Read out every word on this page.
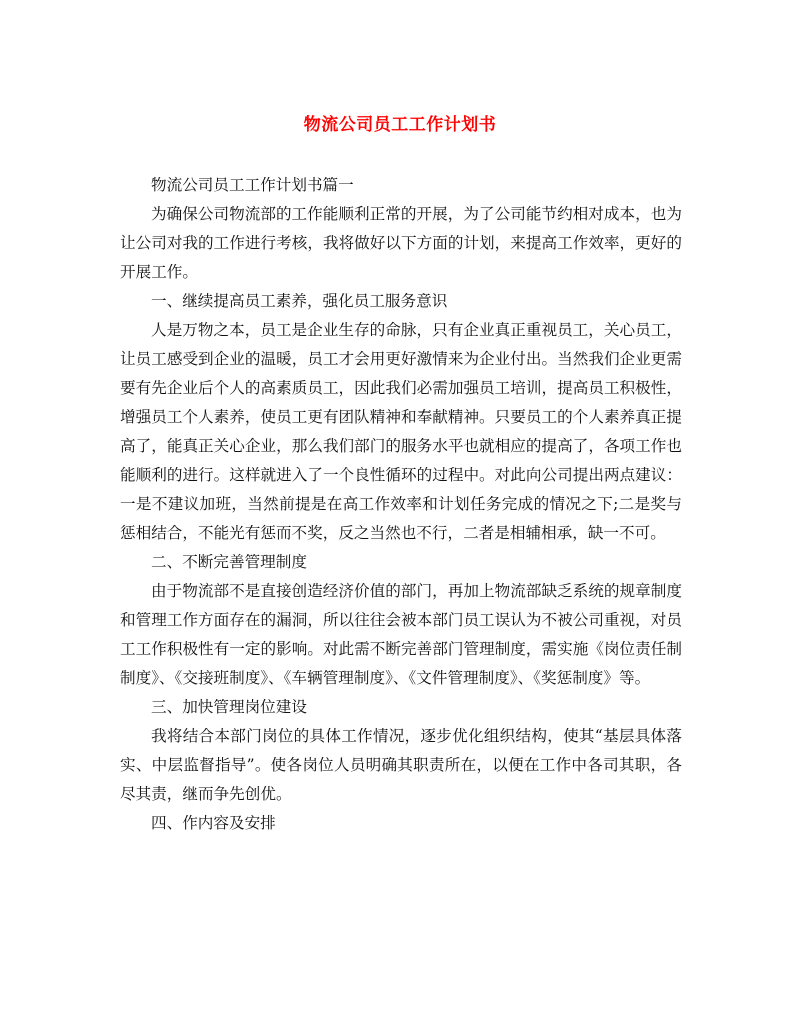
物流公司员工工作计划书

物流公司员工工作计划书篇一

为确保公司物流部的工作能顺利正常的开展，为了公司能节约相对成本，也为让公司对我的工作进行考核，我将做好以下方面的计划，来提高工作效率，更好的开展工作。

一、继续提高员工素养，强化员工服务意识

人是万物之本，员工是企业生存的命脉，只有企业真正重视员工，关心员工，让员工感受到企业的温暖，员工才会用更好激情来为企业付出。当然我们企业更需要有先企业后个人的高素质员工，因此我们必需加强员工培训，提高员工积极性，增强员工个人素养，使员工更有团队精神和奉献精神。只要员工的个人素养真正提高了，能真正关心企业，那么我们部门的服务水平也就相应的提高了，各项工作也能顺利的进行。这样就进入了一个良性循环的过程中。对此向公司提出两点建议：一是不建议加班，当然前提是在高工作效率和计划任务完成的情况之下;二是奖与惩相结合，不能光有惩而不奖，反之当然也不行，二者是相辅相承，缺一不可。

二、不断完善管理制度

由于物流部不是直接创造经济价值的部门，再加上物流部缺乏系统的规章制度和管理工作方面存在的漏洞，所以往往会被本部门员工误认为不被公司重视，对员工工作积极性有一定的影响。对此需不断完善部门管理制度，需实施《岗位责任制制度》、《交接班制度》、《车辆管理制度》、《文件管理制度》、《奖惩制度》等。

三、加快管理岗位建设

我将结合本部门岗位的具体工作情况，逐步优化组织结构，使其“基层具体落实、中层监督指导”。使各岗位人员明确其职责所在，以便在工作中各司其职，各尽其责，继而争先创优。

四、作内容及安排
